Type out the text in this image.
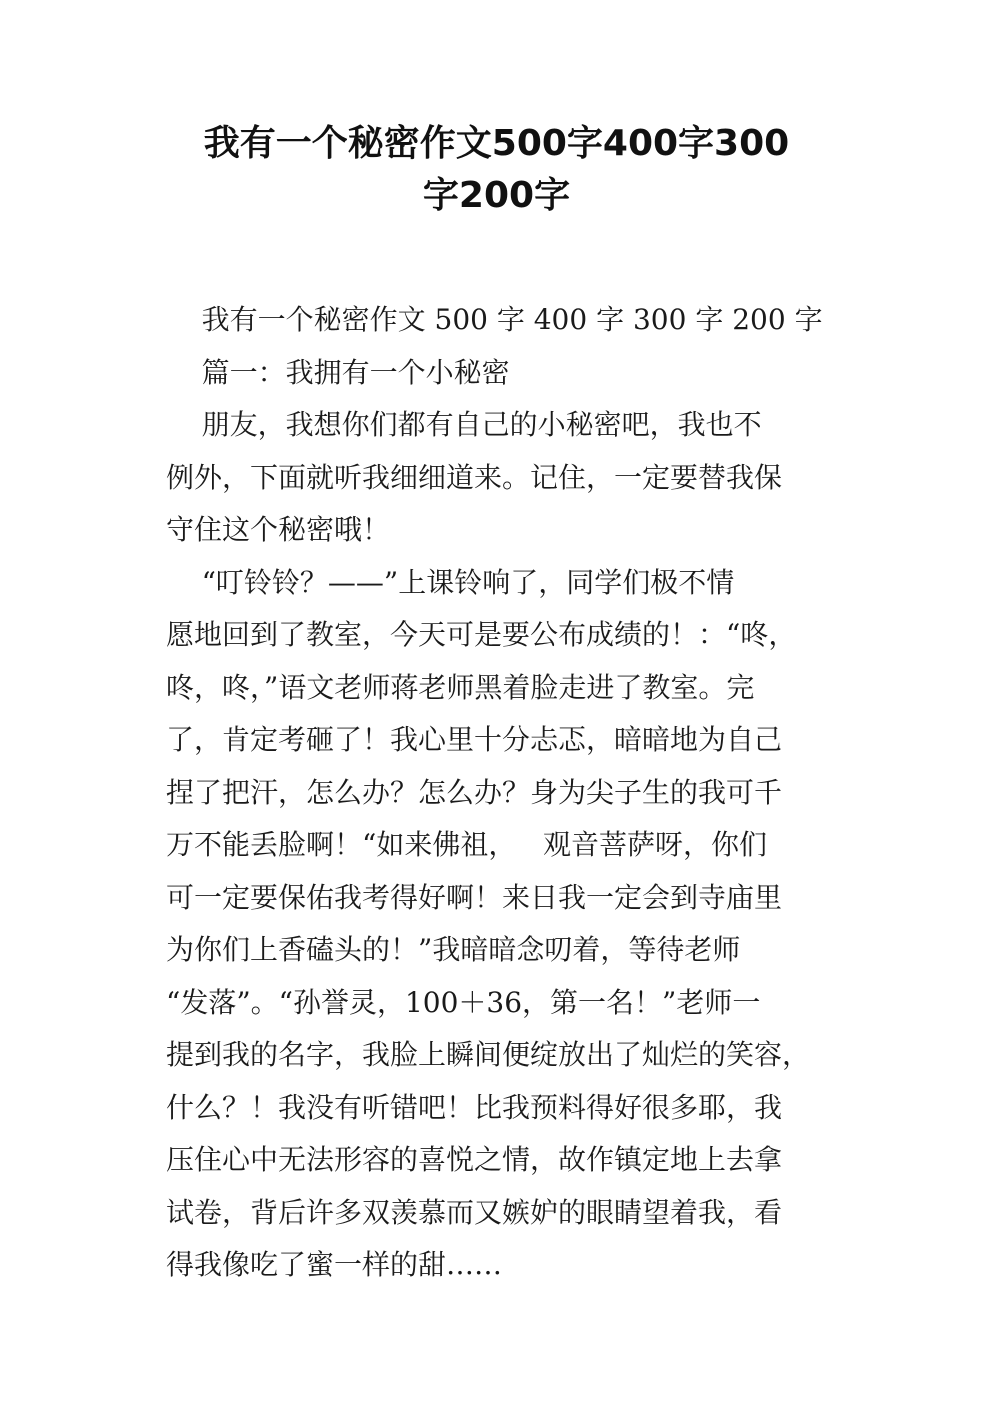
我有一个秘密作文500字400字300
字200字
我有一个秘密作文 500 字 400 字 300 字 200 字
篇一：我拥有一个小秘密
朋友，我想你们都有自己的小秘密吧，我也不
例外，下面就听我细细道来。记住，一定要替我保
守住这个秘密哦！
“叮铃铃？——”上课铃响了，同学们极不情
愿地回到了教室，今天可是要公布成绩的！：“咚，
咚，咚，”语文老师蒋老师黑着脸走进了教室。完
了，肯定考砸了！我心里十分忐忑，暗暗地为自己
捏了把汗，怎么办？怎么办？身为尖子生的我可千
万不能丢脸啊！“如来佛祖，   观音菩萨呀，你们
可一定要保佑我考得好啊！来日我一定会到寺庙里
为你们上香磕头的！”我暗暗念叨着，等待老师
“发落”。“孙誉灵，100＋36，第一名！”老师一
提到我的名字，我脸上瞬间便绽放出了灿烂的笑容，
什么？！我没有听错吧！比我预料得好很多耶，我
压住心中无法形容的喜悦之情，故作镇定地上去拿
试卷，背后许多双羡慕而又嫉妒的眼睛望着我，看
得我像吃了蜜一样的甜……
